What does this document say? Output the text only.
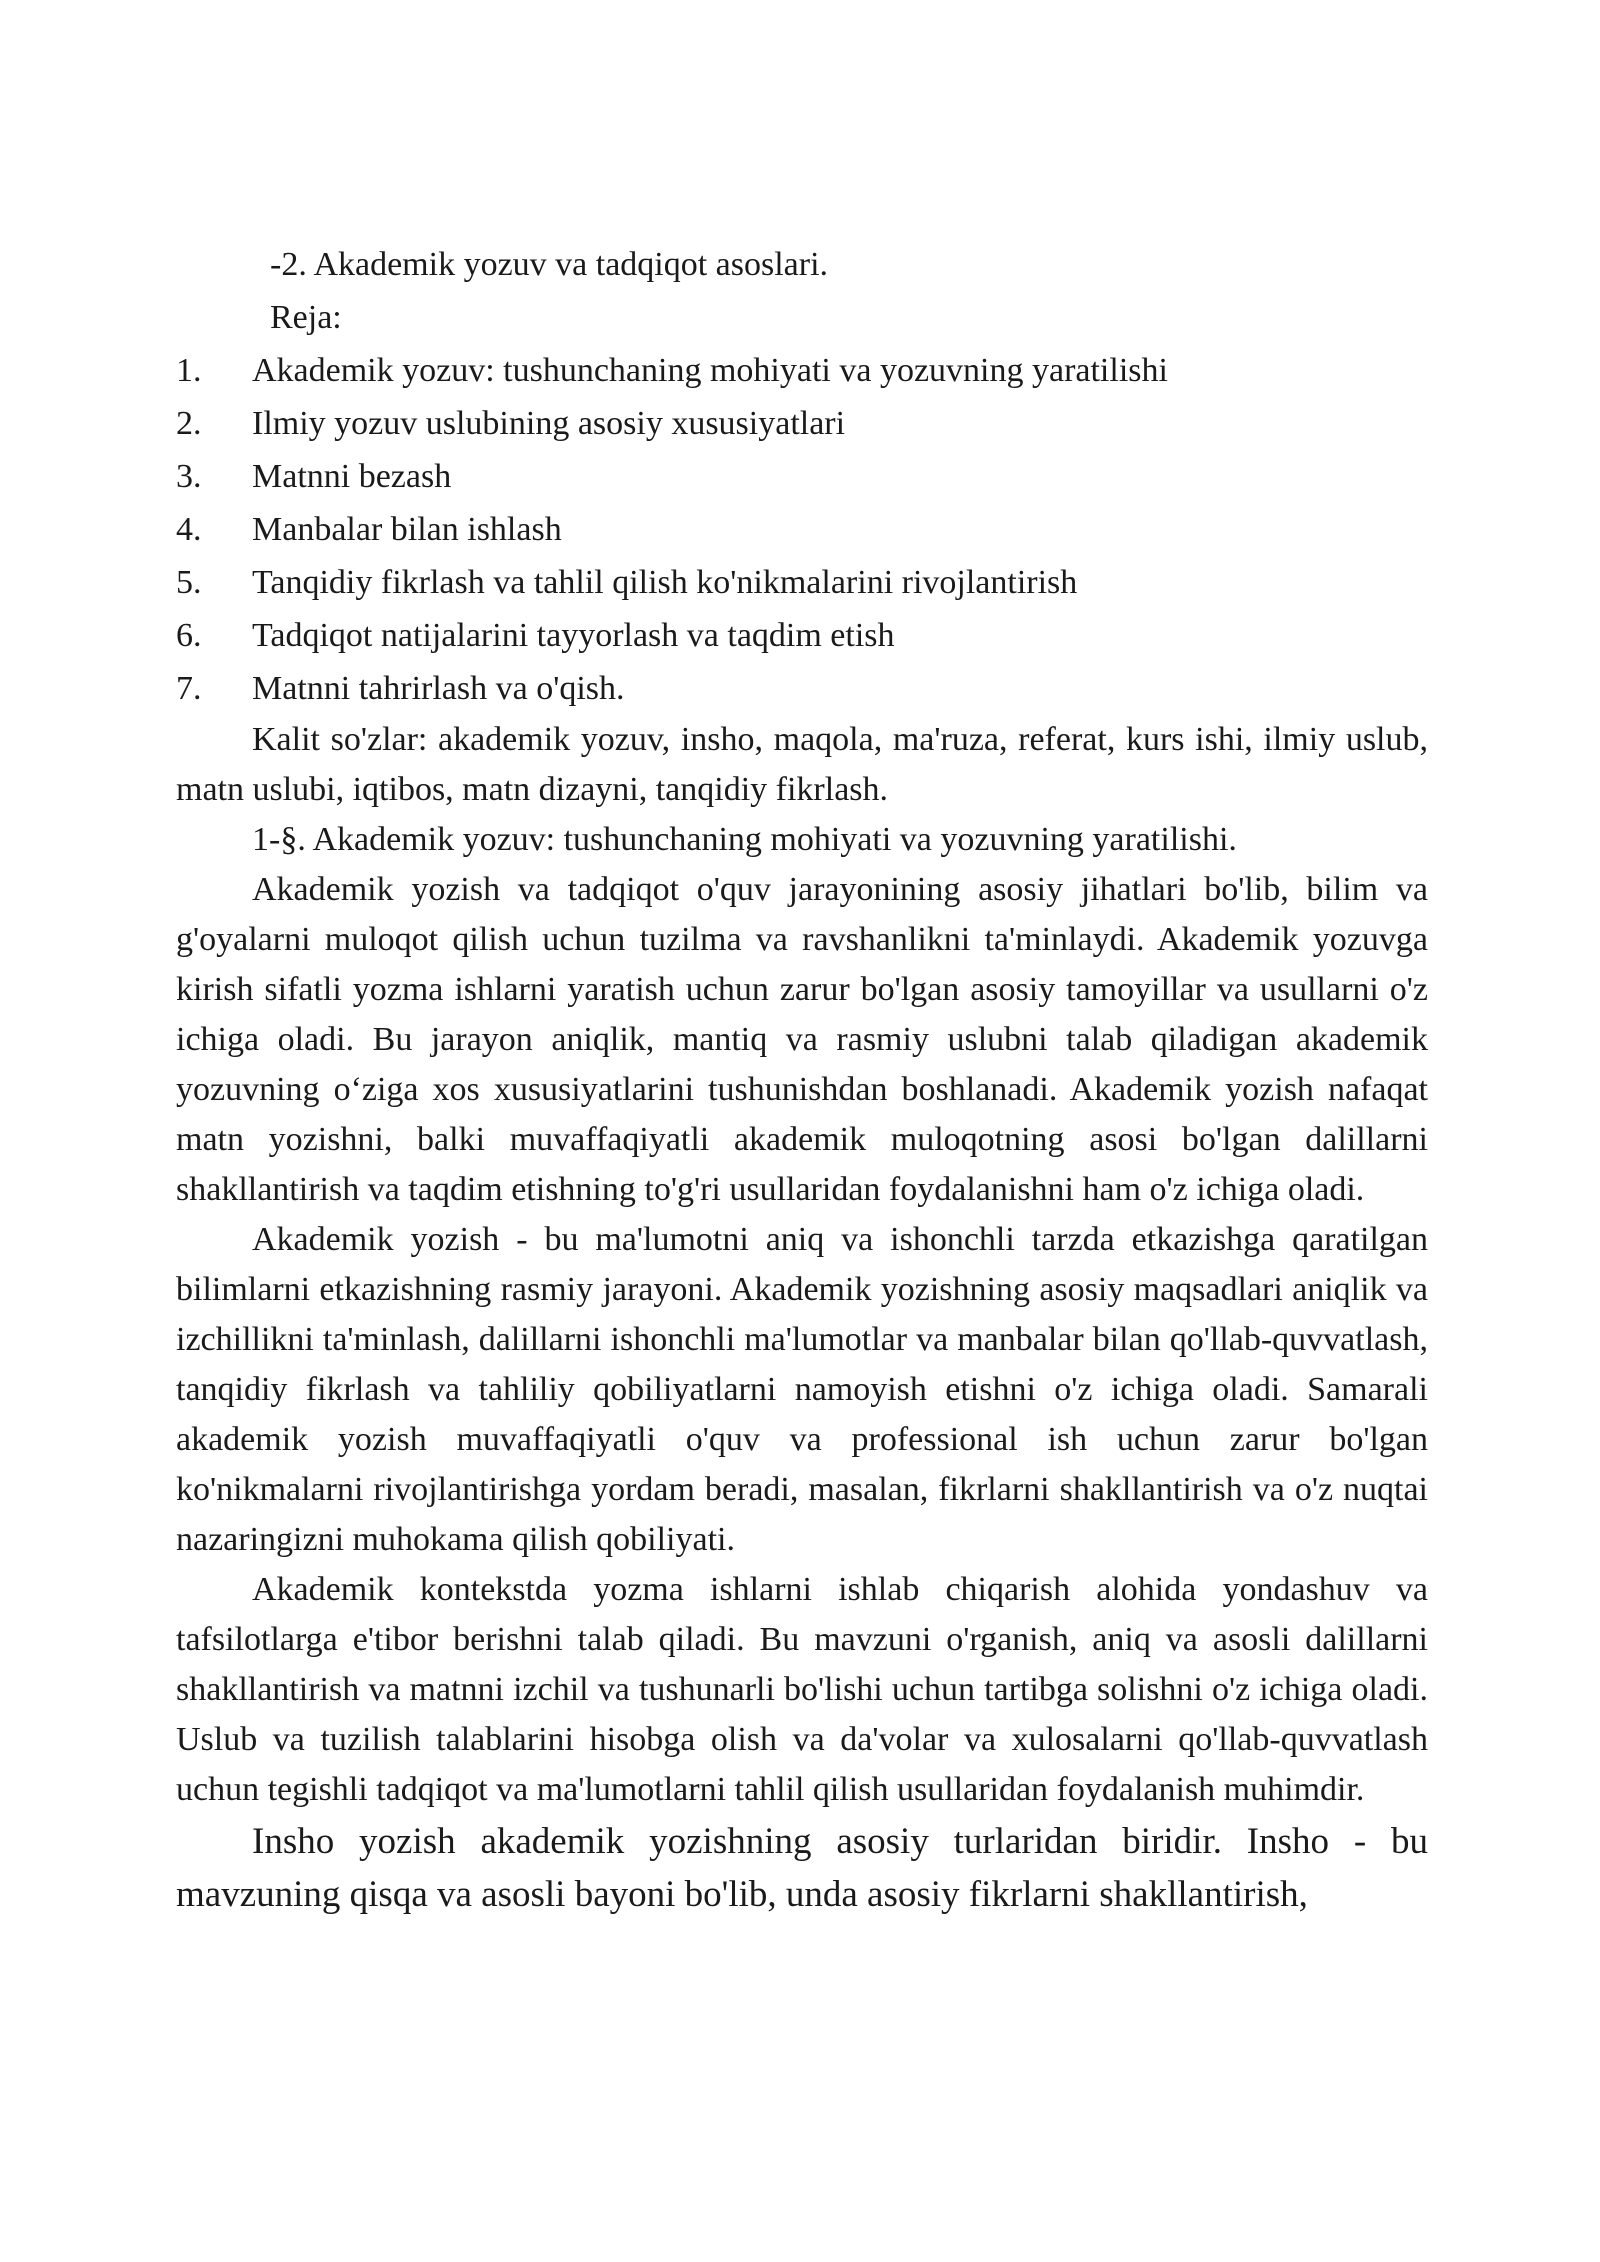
-2. Akademik yozuv va tadqiqot asoslari.

Reja:

1.	Akademik yozuv: tushunchaning mohiyati va yozuvning yaratilishi
2.	Ilmiy yozuv uslubining asosiy xususiyatlari
3.	Matnni bezash
4.	Manbalar bilan ishlash
5.	Tanqidiy fikrlash va tahlil qilish ko'nikmalarini rivojlantirish
6.	Tadqiqot natijalarini tayyorlash va taqdim etish
7.	Matnni tahrirlash va o'qish.

Kalit so'zlar: akademik yozuv, insho, maqola, ma'ruza, referat, kurs ishi, ilmiy uslub, matn uslubi, iqtibos, matn dizayni, tanqidiy fikrlash.

1-§. Akademik yozuv: tushunchaning mohiyati va yozuvning yaratilishi.

Akademik yozish va tadqiqot o'quv jarayonining asosiy jihatlari bo'lib, bilim va g'oyalarni muloqot qilish uchun tuzilma va ravshanlikni ta'minlaydi. Akademik yozuvga kirish sifatli yozma ishlarni yaratish uchun zarur bo'lgan asosiy tamoyillar va usullarni o'z ichiga oladi. Bu jarayon aniqlik, mantiq va rasmiy uslubni talab qiladigan akademik yozuvning o‘ziga xos xususiyatlarini tushunishdan boshlanadi. Akademik yozish nafaqat matn yozishni, balki muvaffaqiyatli akademik muloqotning asosi bo'lgan dalillarni shakllantirish va taqdim etishning to'g'ri usullaridan foydalanishni ham o'z ichiga oladi.

Akademik yozish - bu ma'lumotni aniq va ishonchli tarzda etkazishga qaratilgan bilimlarni etkazishning rasmiy jarayoni. Akademik yozishning asosiy maqsadlari aniqlik va izchillikni ta'minlash, dalillarni ishonchli ma'lumotlar va manbalar bilan qo'llab-quvvatlash, tanqidiy fikrlash va tahliliy qobiliyatlarni namoyish etishni o'z ichiga oladi. Samarali akademik yozish muvaffaqiyatli o'quv va professional ish uchun zarur bo'lgan ko'nikmalarni rivojlantirishga yordam beradi, masalan, fikrlarni shakllantirish va o'z nuqtai nazaringizni muhokama qilish qobiliyati.

Akademik kontekstda yozma ishlarni ishlab chiqarish alohida yondashuv va tafsilotlarga e'tibor berishni talab qiladi. Bu mavzuni o'rganish, aniq va asosli dalillarni shakllantirish va matnni izchil va tushunarli bo'lishi uchun tartibga solishni o'z ichiga oladi. Uslub va tuzilish talablarini hisobga olish va da'volar va xulosalarni qo'llab-quvvatlash uchun tegishli tadqiqot va ma'lumotlarni tahlil qilish usullaridan foydalanish muhimdir.

Insho yozish akademik yozishning asosiy turlaridan biridir. Insho - bu mavzuning qisqa va asosli bayoni bo'lib, unda asosiy fikrlarni shakllantirish,
